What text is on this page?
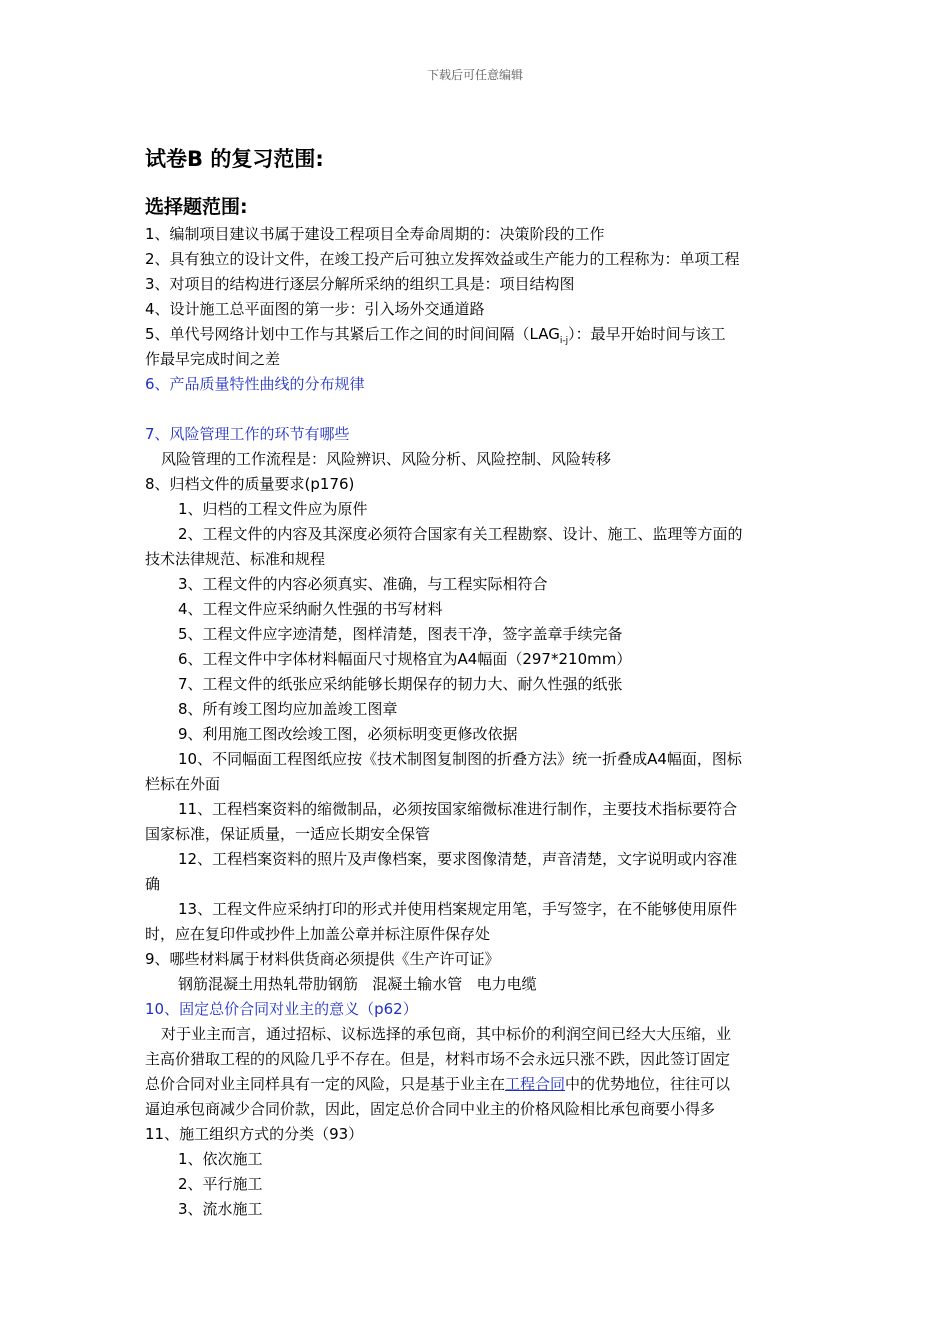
下载后可任意编辑
试卷B 的复习范围:
选择题范围:
1、编制项目建议书属于建设工程项目全寿命周期的：决策阶段的工作
2、具有独立的设计文件，在竣工投产后可独立发挥效益或生产能力的工程称为：单项工程
3、对项目的结构进行逐层分解所采纳的组织工具是：项目结构图
4、设计施工总平面图的第一步：引入场外交通道路
5、单代号网络计划中工作与其紧后工作之间的时间间隔$(LAG_{i-j})$：最早开始时间与该工
作最早完成时间之差
6、产品质量特性曲线的分布规律
7、风险管理工作的环节有哪些
风险管理的工作流程是：风险辨识、风险分析、风险控制、风险转移
8、归档文件的质量要求(p176)
1、归档的工程文件应为原件
2、工程文件的内容及其深度必须符合国家有关工程勘察、设计、施工、监理等方面的
技术法律规范、标准和规程
3、工程文件的内容必须真实、准确，与工程实际相符合
4、工程文件应采纳耐久性强的书写材料
5、工程文件应字迹清楚，图样清楚，图表干净，签字盖章手续完备
6、工程文件中字体材料幅面尺寸规格宜为A4幅面（297*210mm）
7、工程文件的纸张应采纳能够长期保存的韧力大、耐久性强的纸张
8、所有竣工图均应加盖竣工图章
9、利用施工图改绘竣工图，必须标明变更修改依据
10、不同幅面工程图纸应按《技术制图复制图的折叠方法》统一折叠成A4幅面，图标
栏标在外面
11、工程档案资料的缩微制品，必须按国家缩微标准进行制作，主要技术指标要符合
国家标准，保证质量，一适应长期安全保管
12、工程档案资料的照片及声像档案，要求图像清楚，声音清楚，文字说明或内容准
确
13、工程文件应采纳打印的形式并使用档案规定用笔，手写签字，在不能够使用原件
时，应在复印件或抄件上加盖公章并标注原件保存处
9、哪些材料属于材料供货商必须提供《生产许可证》
钢筋混凝土用热轧带肋钢筋   混凝土输水管   电力电缆
10、固定总价合同对业主的意义（p62）
对于业主而言，通过招标、议标选择的承包商，其中标价的利润空间已经大大压缩，业
主高价猎取工程的的风险几乎不存在。但是，材料市场不会永远只涨不跌，因此签订固定
总价合同对业主同样具有一定的风险，只是基于业主在工程合同中的优势地位，往往可以
逼迫承包商减少合同价款，因此，固定总价合同中业主的价格风险相比承包商要小得多
11、施工组织方式的分类（93）
1、依次施工
2、平行施工
3、流水施工
